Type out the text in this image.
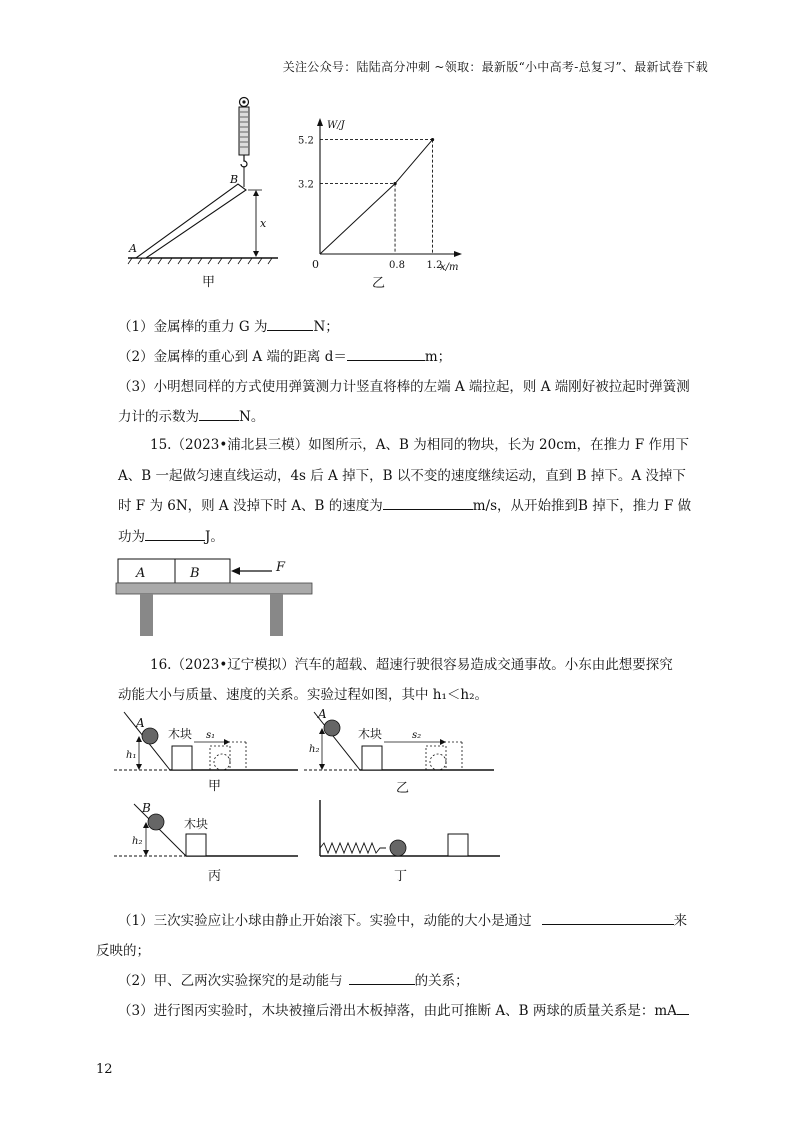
关注公众号：陆陆高分冲刺 ~领取：最新版“小中高考-总复习”、最新试卷下载
A
B
x
甲
0.8 1.2
3.2
5.2
0
W/J
x/m
乙
（1）金属棒的重力 G 为	N；
（2）金属棒的重心到 A 端的距离 d＝	m；
（3）小明想同样的方式使用弹簧测力计竖直将棒的左端 A 端拉起，则 A 端刚好被拉起时弹簧测
力计的示数为	N。
15.（2023•浦北县三模）如图所示，A、B 为相同的物块，长为 20cm，在推力 F 作用下
A、B 一起做匀速直线运动，4s 后 A 掉下，B 以不变的速度继续运动，直到 B 掉下。A 没掉下
时 F 为 6N，则 A 没掉下时 A、B 的速度为	m/s，从开始推到B 掉下，推力 F 做
功为	J。
A	B	F
16.（2023•辽宁模拟）汽车的超载、超速行驶很容易造成交通事故。小东由此想要探究
动能大小与质量、速度的关系。实验过程如图，其中 h₁＜h₂。
A
h₁
木块 s₁
甲
A
h₂
木块	s₂
乙
B
h₂
木块
丙	丁
（1）三次实验应让小球由静止开始滚下。实验中，动能的大小是通过	来
反映的；
（2）甲、乙两次实验探究的是动能与	的关系；
（3）进行图丙实验时，木块被撞后滑出木板掉落，由此可推断 A、B 两球的质量关系是：mA
12
